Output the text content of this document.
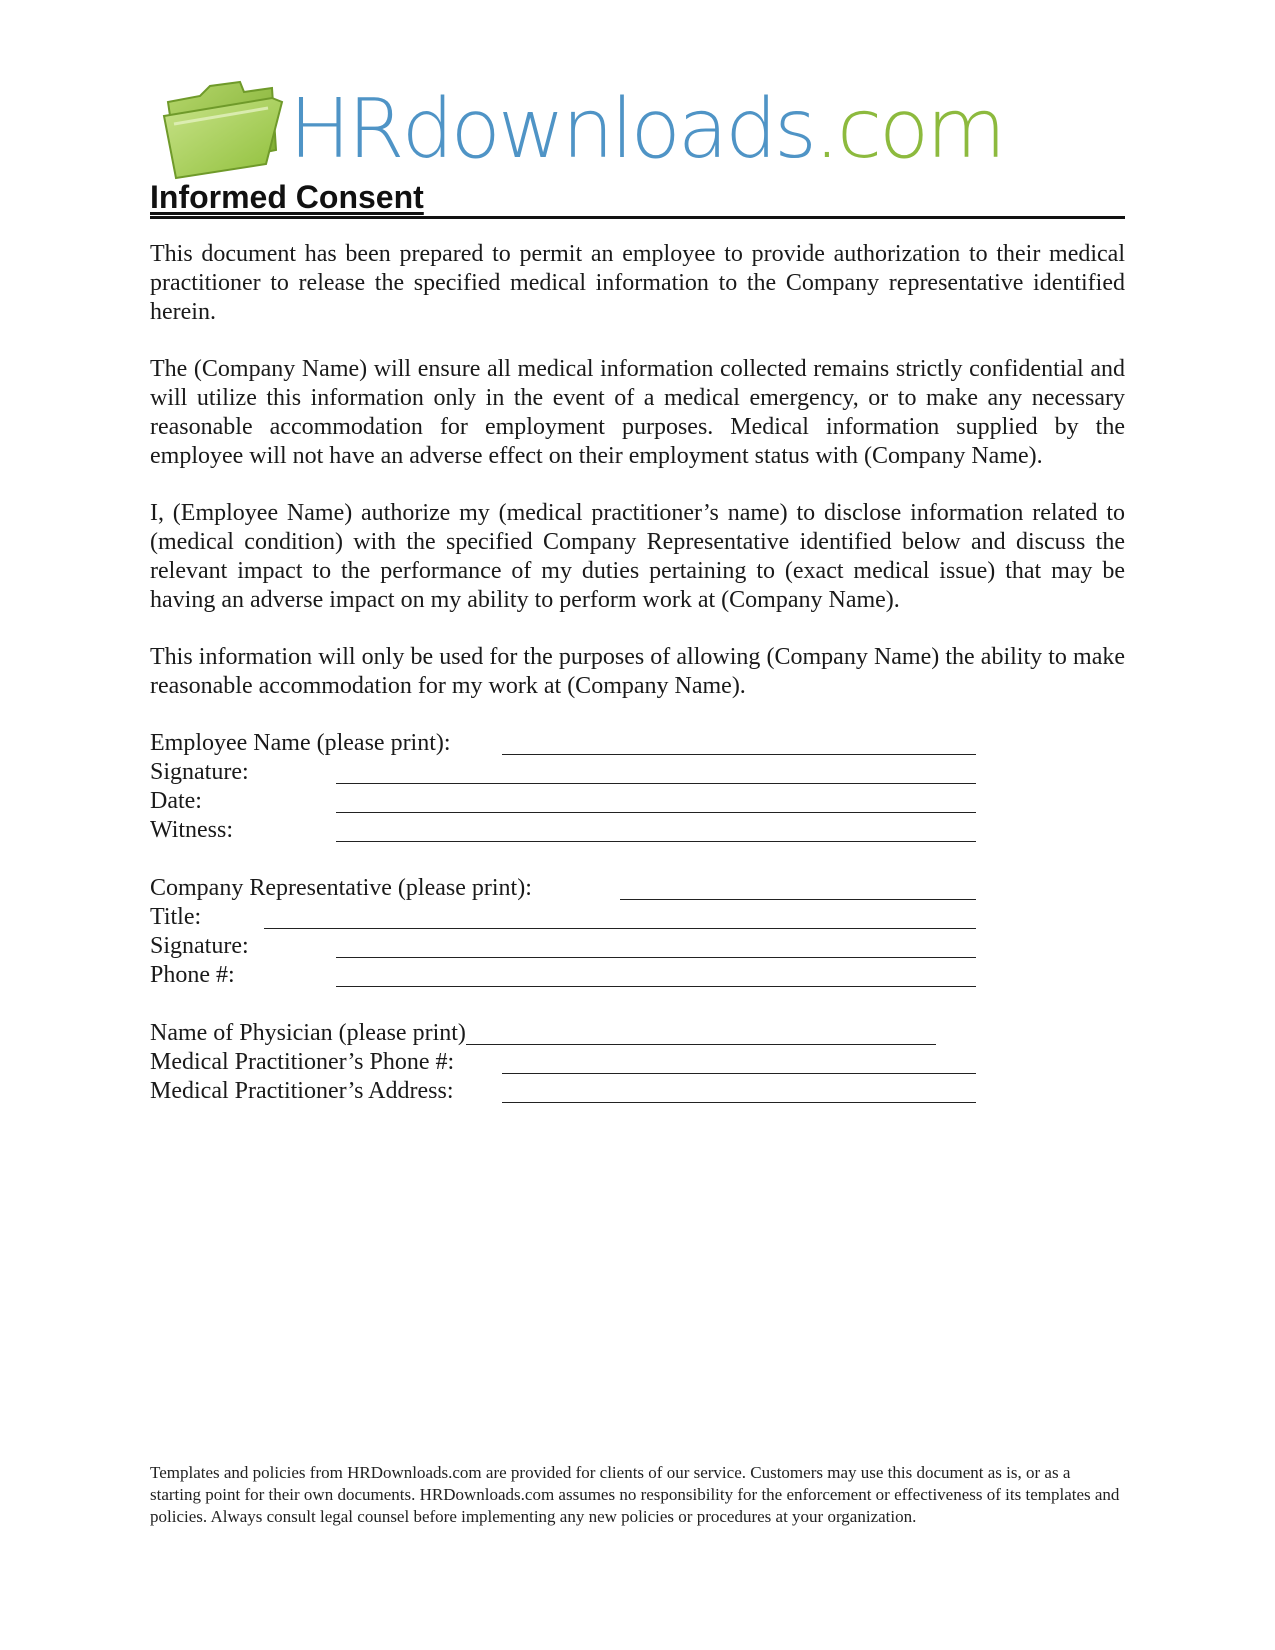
HRdownloads.com
Informed Consent

This document has been prepared to permit an employee to provide authorization to their medical practitioner to release the specified medical information to the Company representative identified herein.

The (Company Name) will ensure all medical information collected remains strictly confidential and will utilize this information only in the event of a medical emergency, or to make any necessary reasonable accommodation for employment purposes. Medical information supplied by the employee will not have an adverse effect on their employment status with (Company Name).

I, (Employee Name) authorize my (medical practitioner’s name) to disclose information related to (medical condition) with the specified Company Representative identified below and discuss the relevant impact to the performance of my duties pertaining to (exact medical issue) that may be having an adverse impact on my ability to perform work at (Company Name).

This information will only be used for the purposes of allowing (Company Name) the ability to make reasonable accommodation for my work at (Company Name).

Employee Name (please print):
Signature:
Date:
Witness:
Company Representative (please print):
Title:
Signature:
Phone #:
Name of Physician (please print)
Medical Practitioner’s Phone #:
Medical Practitioner’s Address:
Templates and policies from HRDownloads.com are provided for clients of our service. Customers may use this document as is, or as a starting point for their own documents. HRDownloads.com assumes no responsibility for the enforcement or effectiveness of its templates and policies. Always consult legal counsel before implementing any new policies or procedures at your organization.
